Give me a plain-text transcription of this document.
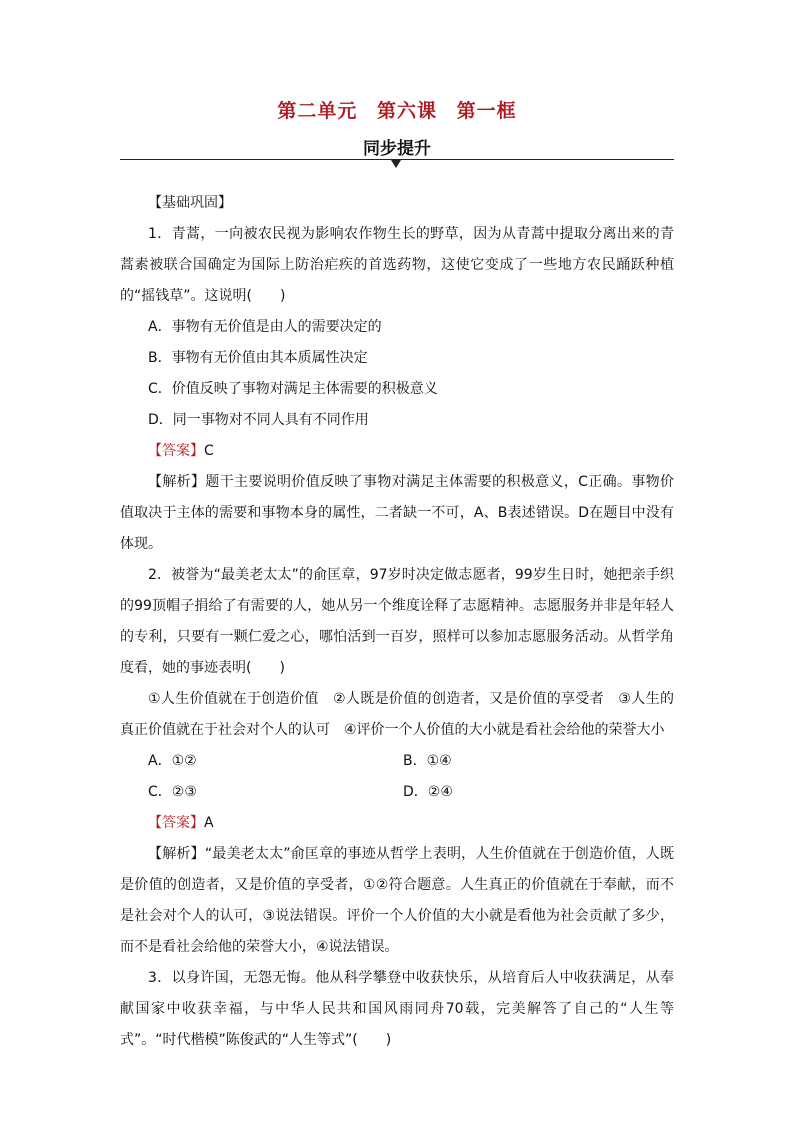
第二单元 第六课 第一框
同步提升

【基础巩固】

1．青蒿，一向被农民视为影响农作物生长的野草，因为从青蒿中提取分离出来的青蒿素被联合国确定为国际上防治疟疾的首选药物，这使它变成了一些地方农民踊跃种植的“摇钱草”。这说明(　　)

A．事物有无价值是由人的需要决定的

B．事物有无价值由其本质属性决定

C．价值反映了事物对满足主体需要的积极意义

D．同一事物对不同人具有不同作用

【答案】C

【解析】题干主要说明价值反映了事物对满足主体需要的积极意义，C正确。事物价值取决于主体的需要和事物本身的属性，二者缺一不可，A、B表述错误。D在题目中没有体现。

2．被誉为“最美老太太”的俞匡章，97岁时决定做志愿者，99岁生日时，她把亲手织的99顶帽子捐给了有需要的人，她从另一个维度诠释了志愿精神。志愿服务并非是年轻人的专利，只要有一颗仁爱之心，哪怕活到一百岁，照样可以参加志愿服务活动。从哲学角度看，她的事迹表明(　　)

①人生价值就在于创造价值　②人既是价值的创造者，又是价值的享受者　③人生的真正价值就在于社会对个人的认可　④评价一个人价值的大小就是看社会给他的荣誉大小

A．①②	B．①④
C．②③	D．②④

【答案】A

【解析】“最美老太太”俞匡章的事迹从哲学上表明，人生价值就在于创造价值，人既是价值的创造者，又是价值的享受者，①②符合题意。人生真正的价值就在于奉献，而不是社会对个人的认可，③说法错误。评价一个人价值的大小就是看他为社会贡献了多少，而不是看社会给他的荣誉大小，④说法错误。

3．以身许国，无怨无悔。他从科学攀登中收获快乐，从培育后人中收获满足，从奉献国家中收获幸福，与中华人民共和国风雨同舟70载，完美解答了自己的“人生等式”。“时代楷模”陈俊武的“人生等式”(　　)
